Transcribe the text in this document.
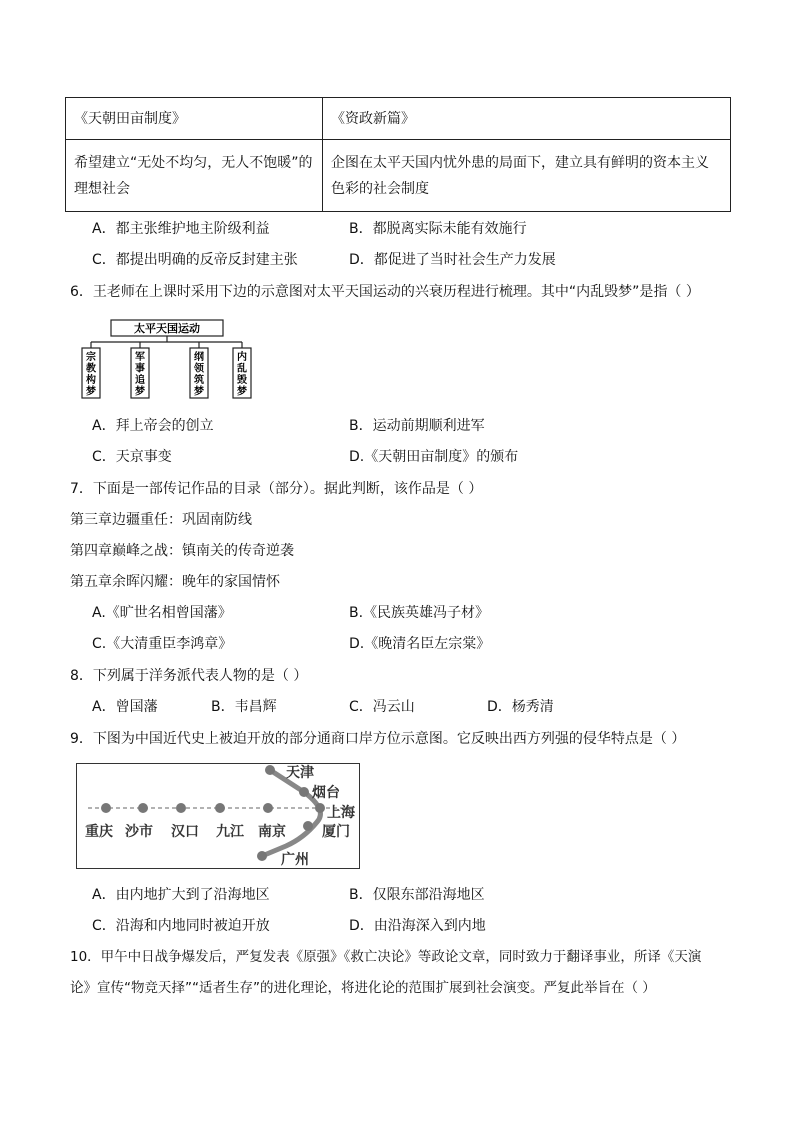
《天朝田亩制度》	《资政新篇》
希望建立“无处不均匀，无人不饱暖”的理想社会	企图在太平天国内忧外患的局面下，建立具有鲜明的资本主义色彩的社会制度
A．都主张维护地主阶级利益	B．都脱离实际未能有效施行
C．都提出明确的反帝反封建主张	D．都促进了当时社会生产力发展
6．王老师在上课时采用下边的示意图对太平天国运动的兴衰历程进行梳理。其中“内乱毁梦”是指（ ）
太平天国运动
宗
教
构
梦
军
事
追
梦
纲
领
筑
梦
内
乱
毁
梦
A．拜上帝会的创立	B．运动前期顺利进军
C．天京事变	D.《天朝田亩制度》的颁布
7．下面是一部传记作品的目录（部分）。据此判断，该作品是（ ）
第三章边疆重任：巩固南防线
第四章巅峰之战：镇南关的传奇逆袭
第五章余晖闪耀：晚年的家国情怀
A.《旷世名相曾国藩》	B.《民族英雄冯子材》
C.《大清重臣李鸿章》	D.《晚清名臣左宗棠》
8．下列属于洋务派代表人物的是（ ）
A．曾国藩	B．韦昌辉	C．冯云山	D．杨秀清
9．下图为中国近代史上被迫开放的部分通商口岸方位示意图。它反映出西方列强的侵华特点是（ ）
重庆 沙市 汉口 九江 南京
天津
烟台
上海
厦门
广州
A．由内地扩大到了沿海地区	B．仅限东部沿海地区
C．沿海和内地同时被迫开放	D．由沿海深入到内地
10．甲午中日战争爆发后，严复发表《原强》《救亡决论》等政论文章，同时致力于翻译事业，所译《天演
论》宣传“物竞天择”“适者生存”的进化理论，将进化论的范围扩展到社会演变。严复此举旨在（ ）
